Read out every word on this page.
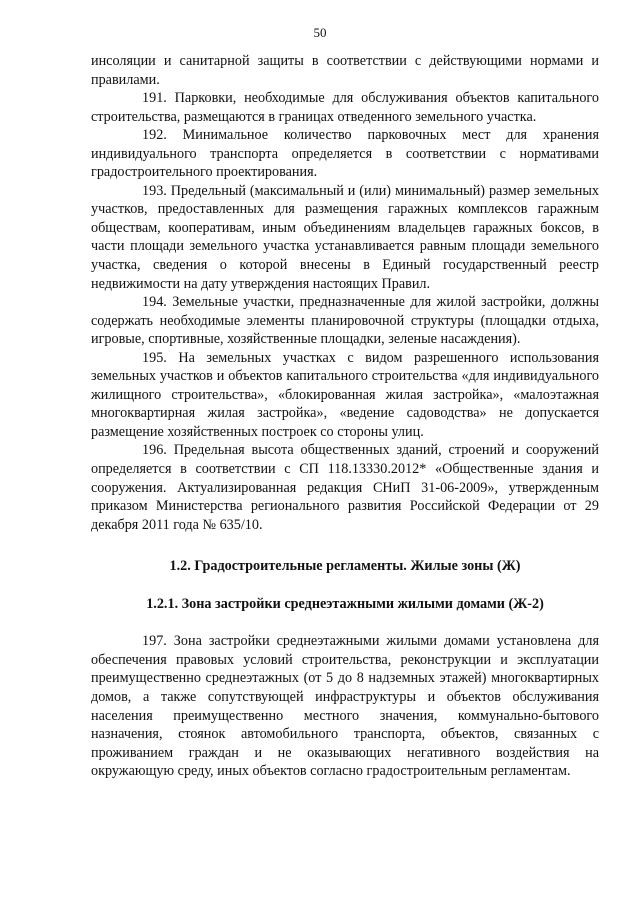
50

инсоляции и санитарной защиты в соответствии с действующими нормами и правилами.

191. Парковки, необходимые для обслуживания объектов капитального строительства, размещаются в границах отведенного земельного участка.

192. Минимальное количество парковочных мест для хранения индивидуального транспорта определяется в соответствии с нормативами градостроительного проектирования.

193. Предельный (максимальный и (или) минимальный) размер земельных участков, предоставленных для размещения гаражных комплексов гаражным обществам, кооперативам, иным объединениям владельцев гаражных боксов, в части площади земельного участка устанавливается равным площади земельного участка, сведения о которой внесены в Единый государственный реестр недвижимости на дату утверждения настоящих Правил.

194. Земельные участки, предназначенные для жилой застройки, должны содержать необходимые элементы планировочной структуры (площадки отдыха, игровые, спортивные, хозяйственные площадки, зеленые насаждения).

195. На земельных участках с видом разрешенного использования земельных участков и объектов капитального строительства «для индивидуального жилищного строительства», «блокированная жилая застройка», «малоэтажная многоквартирная жилая застройка», «ведение садоводства» не допускается размещение хозяйственных построек со стороны улиц.

196. Предельная высота общественных зданий, строений и сооружений определяется в соответствии с СП 118.13330.2012* «Общественные здания и сооружения. Актуализированная редакция СНиП 31-06-2009», утвержденным приказом Министерства регионального развития Российской Федерации от 29 декабря 2011 года № 635/10.

1.2. Градостроительные регламенты. Жилые зоны (Ж)
1.2.1. Зона застройки среднеэтажными жилыми домами (Ж-2)

197. Зона застройки среднеэтажными жилыми домами установлена для обеспечения правовых условий строительства, реконструкции и эксплуатации преимущественно среднеэтажных (от 5 до 8 надземных этажей) многоквартирных домов, а также сопутствующей инфраструктуры и объектов обслуживания населения преимущественно местного значения, коммунально-бытового назначения, стоянок автомобильного транспорта, объектов, связанных с проживанием граждан и не оказывающих негативного воздействия на окружающую среду, иных объектов согласно градостроительным регламентам.
